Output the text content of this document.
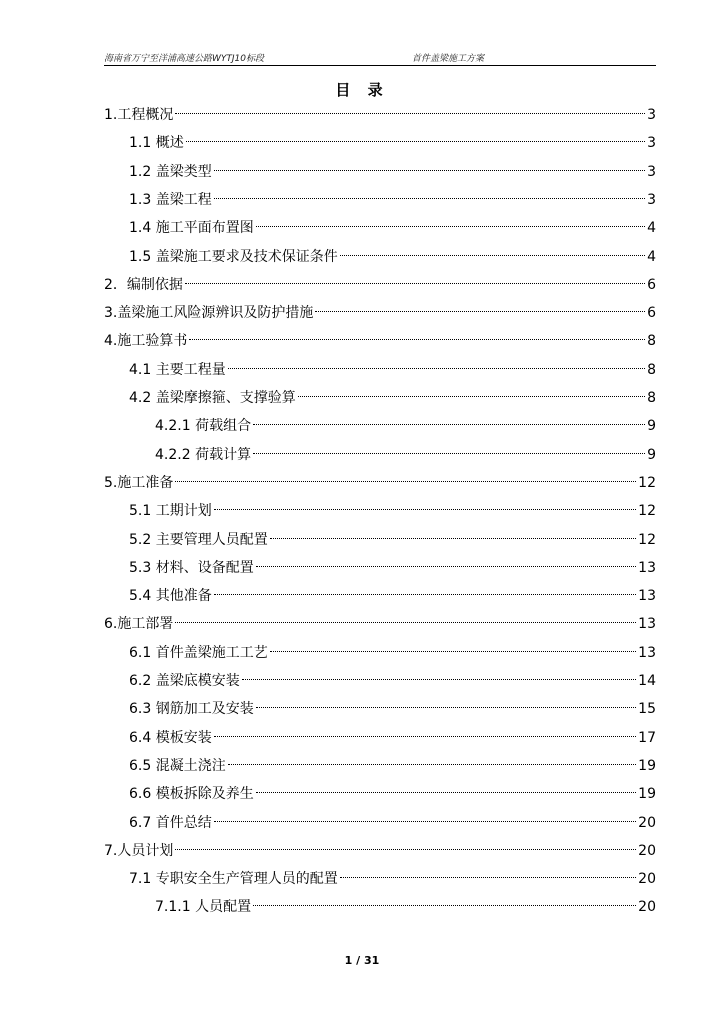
海南省万宁至洋浦高速公路WYTJ10标段	首件盖梁施工方案
目 录
1.工程概况	3
1.1 概述	3
1.2 盖梁类型	3
1.3 盖梁工程	3
1.4 施工平面布置图	4
1.5 盖梁施工要求及技术保证条件	4
2．编制依据	6
3.盖梁施工风险源辨识及防护措施	6
4.施工验算书	8
4.1 主要工程量	8
4.2 盖梁摩擦箍、支撑验算	8
4.2.1 荷载组合	9
4.2.2 荷载计算	9
5.施工准备	12
5.1 工期计划	12
5.2 主要管理人员配置	12
5.3 材料、设备配置	13
5.4 其他准备	13
6.施工部署	13
6.1 首件盖梁施工工艺	13
6.2 盖梁底模安装	14
6.3 钢筋加工及安装	15
6.4 模板安装	17
6.5 混凝土浇注	19
6.6 模板拆除及养生	19
6.7 首件总结	20
7.人员计划	20
7.1 专职安全生产管理人员的配置	20
7.1.1 人员配置	20
1 / 31
